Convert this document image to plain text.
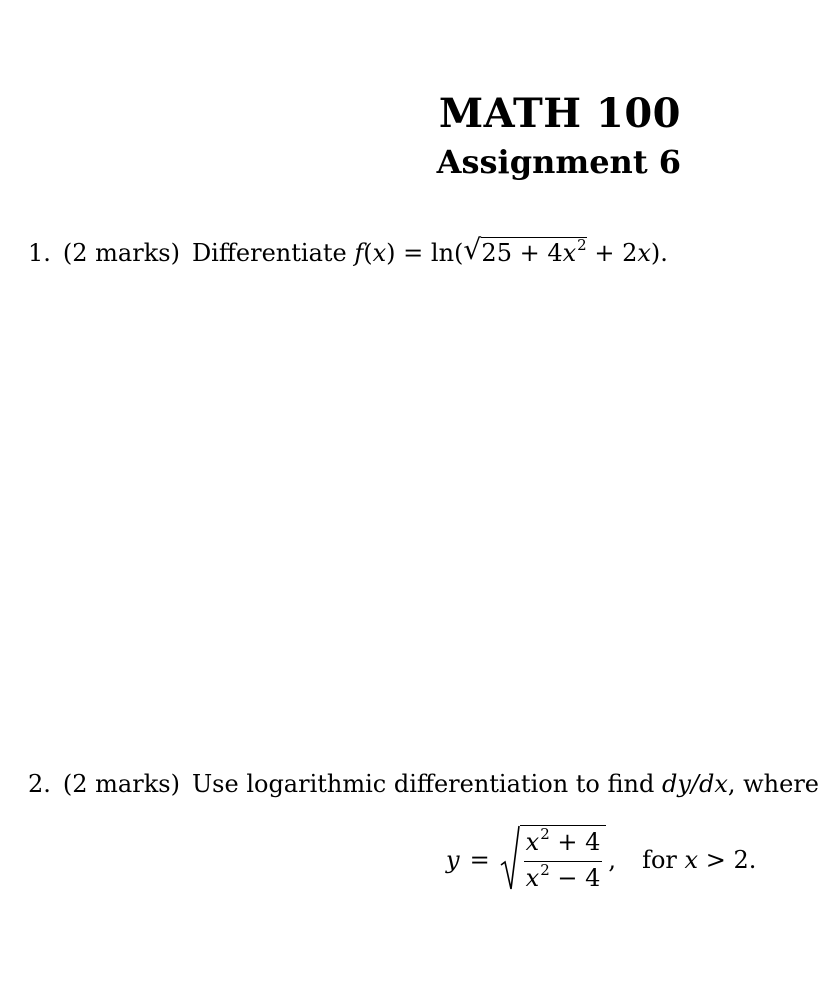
MATH 100
Assignment 6
1. (2 marks) Differentiate f(x) = ln( √ $25 + 4x^2 + 2x$).
2. (2 marks) Use logarithmic differentiation to find dy/dx, where
$y = \frac{x^2 + 4}{x^2 - 4}$ , for x > 2.
